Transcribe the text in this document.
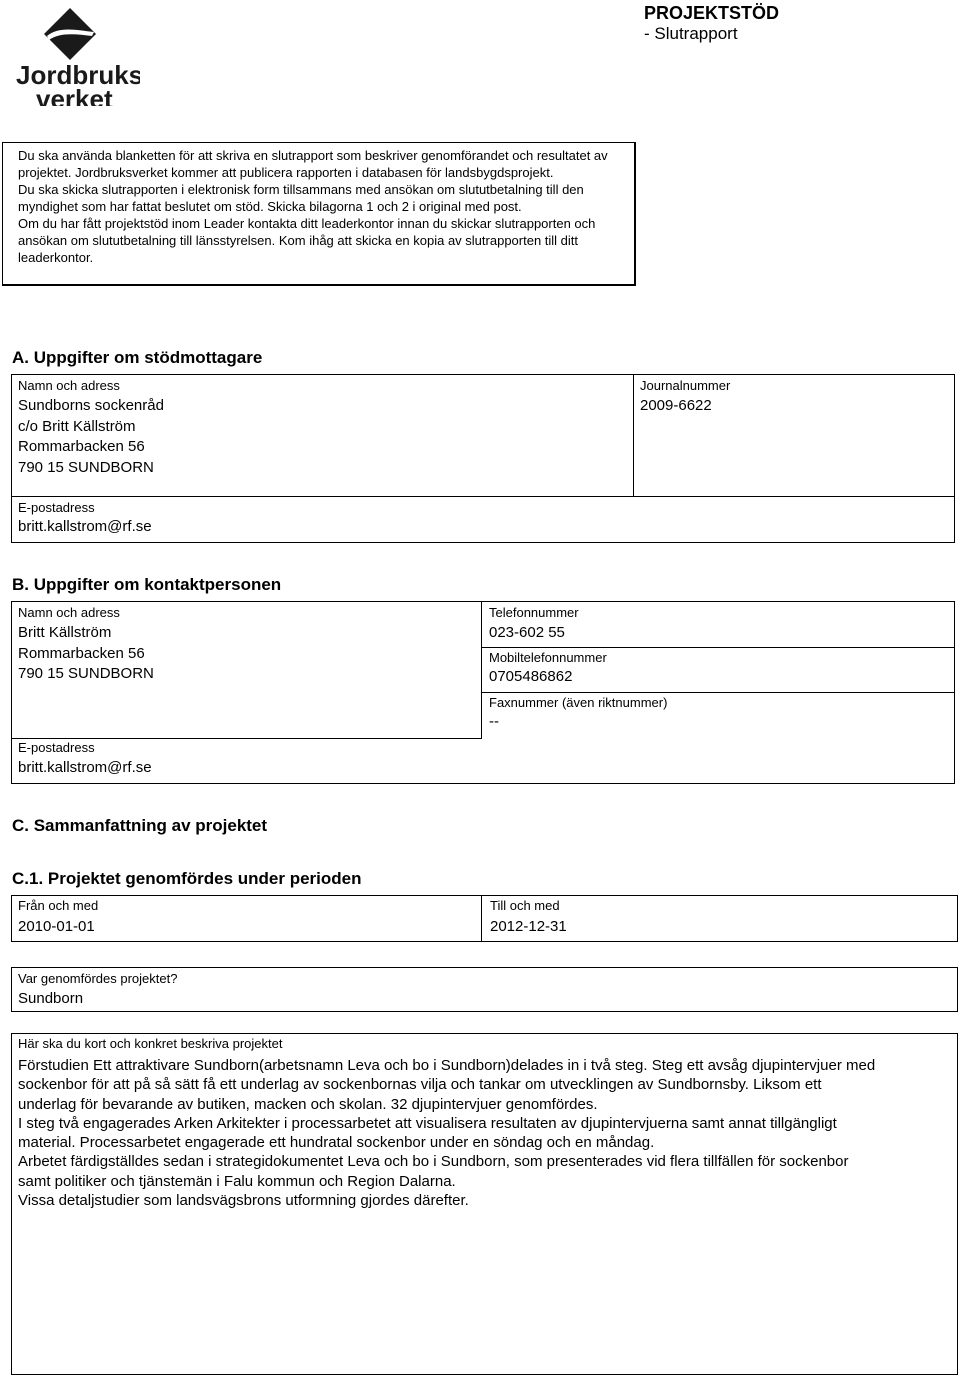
Jordbruks verket
PROJEKTSTÖD
- Slutrapport

Du ska använda blanketten för att skriva en slutrapport som beskriver genomförandet och resultatet av projektet. Jordbruksverket kommer att publicera rapporten i databasen för landsbygdsprojekt.

Du ska skicka slutrapporten i elektronisk form tillsammans med ansökan om slututbetalning till den myndighet som har fattat beslutet om stöd. Skicka bilagorna 1 och 2 i original med post.

Om du har fått projektstöd inom Leader kontakta ditt leaderkontor innan du skickar slutrapporten och ansökan om slututbetalning till länsstyrelsen. Kom ihåg att skicka en kopia av slutrapporten till ditt leaderkontor.

A. Uppgifter om stödmottagare
Namn och adress
Sundborns sockenråd
c/o Britt Källström
Rommarbacken 56
790 15 SUNDBORN
Journalnummer
2009-6622
E-postadress
britt.kallstrom@rf.se
B. Uppgifter om kontaktpersonen
Namn och adress
Britt Källström
Rommarbacken 56
790 15 SUNDBORN
E-postadress
britt.kallstrom@rf.se
Telefonnummer
023-602 55
Mobiltelefonnummer
0705486862
Faxnummer (även riktnummer)
--
C. Sammanfattning av projektet
C.1. Projektet genomfördes under perioden
Från och med
2010-01-01
Till och med
2012-12-31
Var genomfördes projektet?
Sundborn
Här ska du kort och konkret beskriva projektet
Förstudien Ett attraktivare Sundborn(arbetsnamn Leva och bo i Sundborn)delades in i två steg. Steg ett avsåg djupintervjuer med
sockenbor för att på så sätt få ett underlag av sockenbornas vilja och tankar om utvecklingen av Sundbornsby. Liksom ett
underlag för bevarande av butiken, macken och skolan. 32 djupintervjuer genomfördes.
I steg två engagerades Arken Arkitekter i processarbetet att visualisera resultaten av djupintervjuerna samt annat tillgängligt
material. Processarbetet engagerade ett hundratal sockenbor under en söndag och en måndag.
Arbetet färdigställdes sedan i strategidokumentet Leva och bo i Sundborn, som presenterades vid flera tillfällen för sockenbor
samt politiker och tjänstemän i Falu kommun och Region Dalarna.
Vissa detaljstudier som landsvägsbrons utformning gjordes därefter.
